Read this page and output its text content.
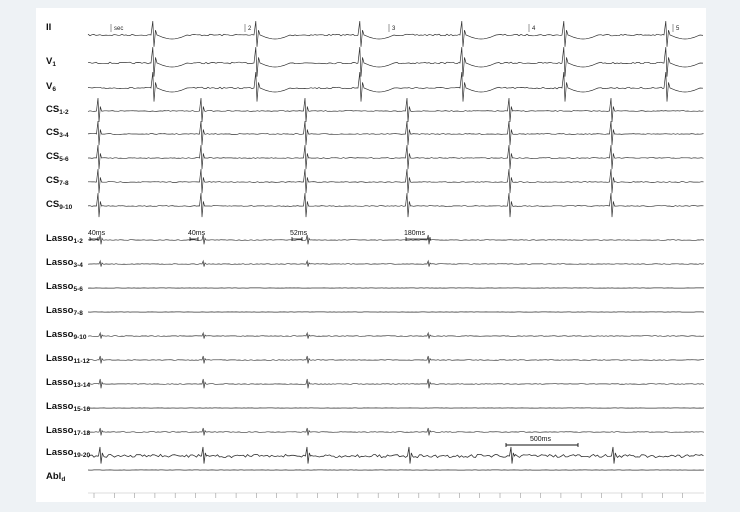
II
$V_1$
$V_6$
$CS_{1-2}$
$CS_{3-4}$
$CS_{5-6}$
$CS_{7-8}$
$CS_{9-10}$
Lasso$_{1-2}$
Lasso$_{3-4}$
Lasso$_{5-6}$
Lasso$_{7-8}$
Lasso$_{9-10}$
Lasso$_{11-12}$
Lasso$_{13-14}$
Lasso$_{15-16}$
Lasso$_{17-18}$
Lasso$_{19-20}$
Abl$_d$
40ms	40ms	52ms	180ms
500ms
sec	2	3	4	5
